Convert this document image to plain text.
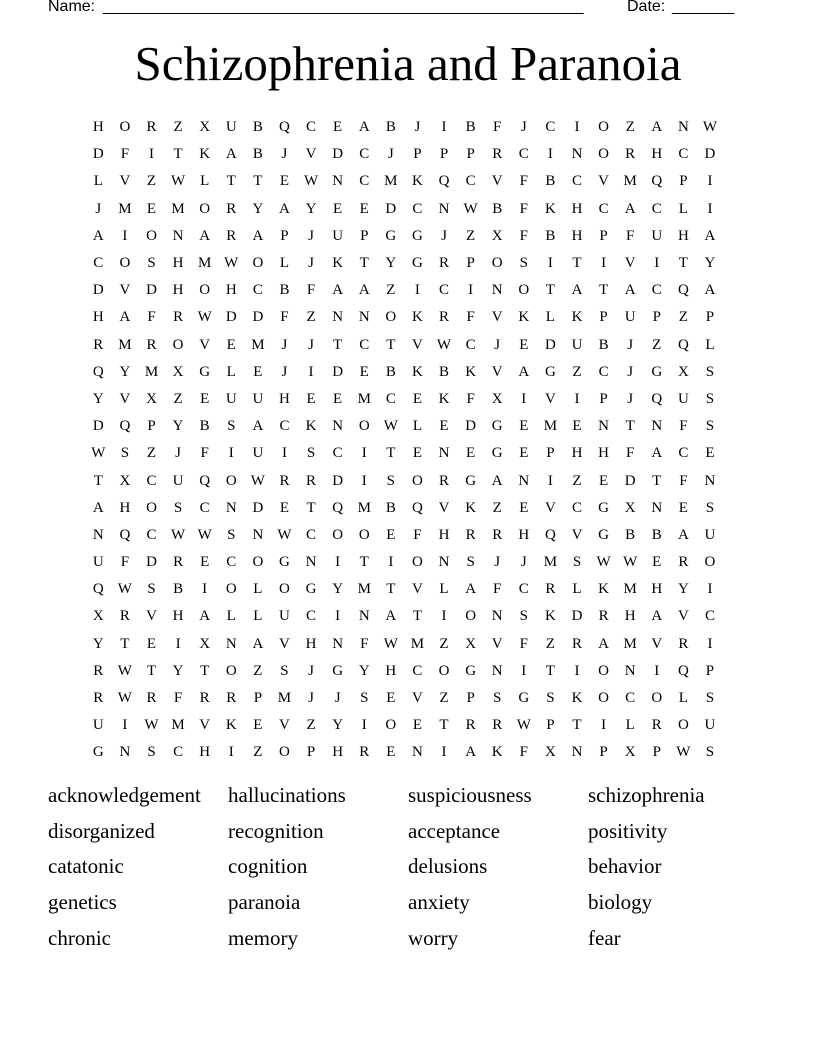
Name: ______________________________________________________	Date: _______
Schizophrenia and Paranoia
H	O	R	Z	X	U	B	Q	C	E	A	B	J	I	B	F	J	C	I	O	Z	A	N W
D	F	I	T	K	A	B	J	V	D	C	J	P	P	P	R	C	I	N	O	R	H	C	D
L	V	Z W L	T	T	E W N	C M K	Q	C	V	F	B	C	V M Q	P	I
J	M	E	M O	R	Y	A	Y	E	E	D	C	N W B	F	K	H	C	A	C	L	I
A	I	O	N	A	R	A	P	J	U	P	G	G	J	Z	X	F	B	H	P	F	U	H	A
C	O	S	H M W O	L	J	K	T	Y	G	R	P	O	S	I	T	I	V	I	T	Y
D	V	D	H	O	H	C	B	F	A	A	Z	I	C	I	N	O	T	A	T	A	C	Q	A
H	A	F	R W D	D	F	Z	N	N	O	K	R	F	V	K	L	K	P	U	P	Z	P
R M R	O	V	E	M	J	J	T	C	T	V W C	J	E	D	U	B	J	Z	Q	L
Q	Y M X	G	L	E	J	I	D	E	B	K	B	K	V	A	G	Z	C	J	G	X	S
Y	V	X	Z	E	U	U	H	E	E	M C	E	K	F	X	I	V	I	P	J	Q	U	S
D	Q	P	Y	B	S	A	C	K	N	O W L	E	D	G	E	M	E	N	T	N	F	S
W	S	Z	J	F	I	U	I	S	C	I	T	E	N	E	G	E	P	H	H	F	A	C	E
T	X	C	U	Q	O W R	R	D	I	S	O	R	G	A	N	I	Z	E	D	T	F	N
A	H	O	S	C	N	D	E	T	Q M B	Q	V	K	Z	E	V	C	G	X	N	E	S
N	Q	C W W	S	N W C	O	O	E	F	H	R	R	H	Q	V	G	B	B	A	U
U	F	D	R	E	C	O	G	N	I	T	I	O	N	S	J	J	M	S	W W E	R	O
Q W	S	B	I	O	L	O	G	Y M	T	V	L	A	F	C	R	L	K M H	Y	I
X	R	V	H	A	L	L	U	C	I	N	A	T	I	O	N	S	K	D	R	H	A	V	C
Y	T	E	I	X	N	A	V	H	N	F	W M	Z	X	V	F	Z	R	A M V	R	I
R W T	Y	T	O	Z	S	J	G	Y	H	C	O	G	N	I	T	I	O	N	I	Q	P
R W R	F	R	R	P	M	J	J	S	E	V	Z	P	S	G	S	K	O	C	O	L	S
U	I	W M V	K	E	V	Z	Y	I	O	E	T	R	R W	P	T	I	L	R	O	U
G	N	S	C	H	I	Z	O	P	H	R	E	N	I	A	K	F	X	N	P	X	P	W	S
acknowledgement	hallucinations	suspiciousness	schizophrenia
disorganized	recognition	acceptance	positivity
catatonic	cognition	delusions	behavior
genetics	paranoia	anxiety	biology
chronic	memory	worry	fear
